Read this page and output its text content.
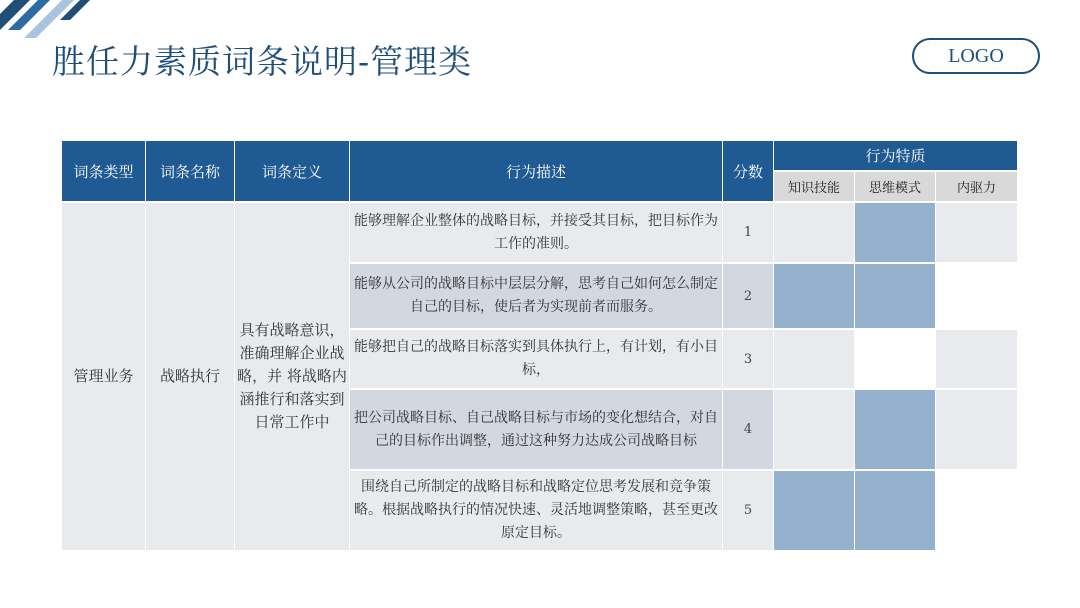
胜任力素质词条说明-管理类	LOGO
词条类型	词条名称	词条定义	行为描述	分数	行为特质		
					知识技能	思维模式	内驱力
管理业务	战略执行	具有战略意识，准确理解企业战略，并 将战略内涵推行和落实到日常工作中	能够理解企业整体的战略目标，并接受其目标，把目标作为工作的准则。	1			
			能够从公司的战略目标中层层分解，思考自己如何怎么制定自己的目标，使后者为实现前者而服务。	2			
			能够把自己的战略目标落实到具体执行上，有计划，有小目标，	3			
			把公司战略目标、自己战略目标与市场的变化想结合，对自己的目标作出调整，通过这种努力达成公司战略目标	4			
			围绕自己所制定的战略目标和战略定位思考发展和竞争策略。根据战略执行的情况快速、灵活地调整策略，甚至更改原定目标。	5			
